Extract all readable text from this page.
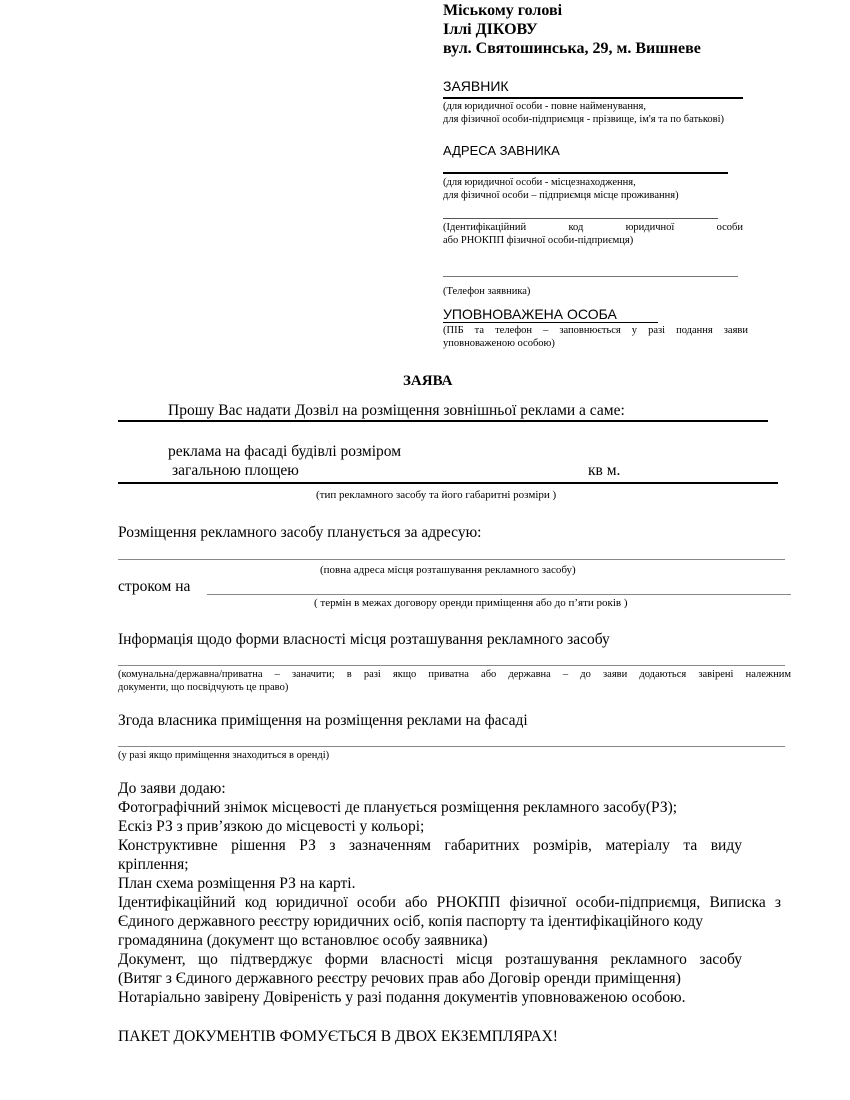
Міському голові
Іллі ДІКОВУ
вул. Святошинська, 29, м. Вишневе
ЗАЯВНИК
(для юридичної особи - повне найменування,
для фізичної особи-підприємця - прізвище, ім'я та по батькові)
АДРЕСА ЗАВНИКА
(для юридичної особи - місцезнаходження,
для фізичної особи – підприємця місце проживання)
(Ідентифікаційний	код	юридичної	особи
або РНОКПП фізичної особи-підприємця)
(Телефон заявника)
УПОВНОВАЖЕНА ОСОБА
(ПІБ та телефон – заповнюється у разі подання заяви
уповноваженою особою)
ЗАЯВА
Прошу Вас надати Дозвіл на розміщення зовнішньої реклами а саме:
реклама на фасаді будівлі розміром
загальною площею	кв м.
(тип рекламного засобу та його габаритні розміри )
Розміщення рекламного засобу планується за адресую:
(повна адреса місця розташування рекламного засобу)
строком на
( термін в межах договору оренди приміщення або до п’яти років )
Інформація щодо форми власності місця розташування рекламного засобу
(комунальна/державна/приватна – заначити; в разі якщо приватна або державна – до заяви додаються завірені належним
документи, що посвідчують це право)
Згода власника приміщення на розміщення реклами на фасаді
(у разі якщо приміщення знаходиться в оренді)
До заяви додаю:
Фотографічний знімок місцевості де планується розміщення рекламного засобу(РЗ);
Ескіз РЗ з прив’язкою до місцевості у кольорі;
Конструктивне рішення РЗ з зазначенням габаритних розмірів, матеріалу та виду
кріплення;
План схема розміщення РЗ на карті.
Ідентифікаційний код юридичної особи або РНОКПП фізичної особи-підприємця, Виписка з
Єдиного державного реєстру юридичних осіб, копія паспорту та ідентифікаційного коду
громадянина (документ що встановлює особу заявника)
Документ, що підтверджує форми власності місця розташування рекламного засобу
(Витяг з Єдиного державного реєстру речових прав або Договір оренди приміщення)
Нотаріально завірену Довіреність у разі подання документів уповноваженою особою.
ПАКЕТ ДОКУМЕНТІВ ФОМУЄТЬСЯ В ДВОХ ЕКЗЕМПЛЯРАХ!
